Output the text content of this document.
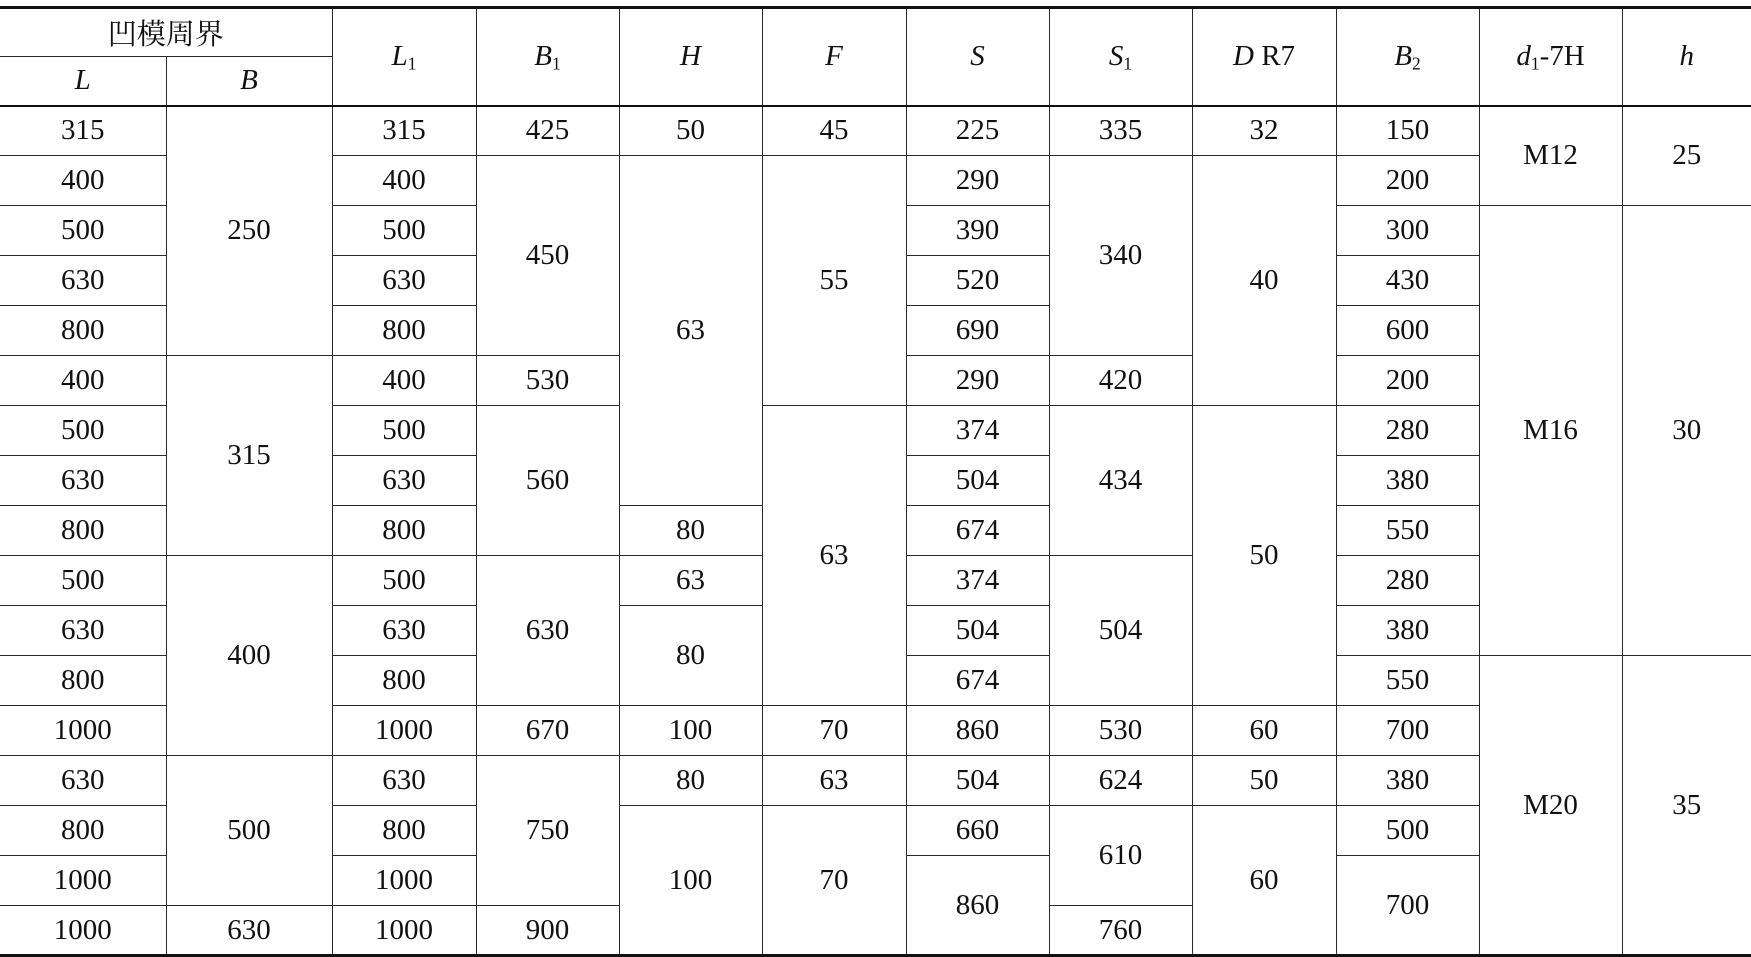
凹模周界		$L_1$	$B_1$	H	F	S	$S_1$	D R7	$B_2$	$d_1-7H$	h
L	B										
315	250	315	425	50	45	225	335	32	150	M12	25
400		400	450	63	55	290	340	40	200		
500		500				390			300	M16	30
630		630				520			430		
800		800				690			600		
400	315	400	530			290	420		200		
500		500	560		63	374	434	50	280		
630		630				504			380		
800		800		80		674			550		
500	400	500	630	63		374	504		280		
630		630		80		504			380		
800		800				674			550	M20	35
1000		1000	670	100	70	860	530	60	700		
630	500	630	750	80	63	504	624	50	380		
800		800		100	70	660	610	60	500		
1000		1000				860			700		
1000	630	1000	900				760				
